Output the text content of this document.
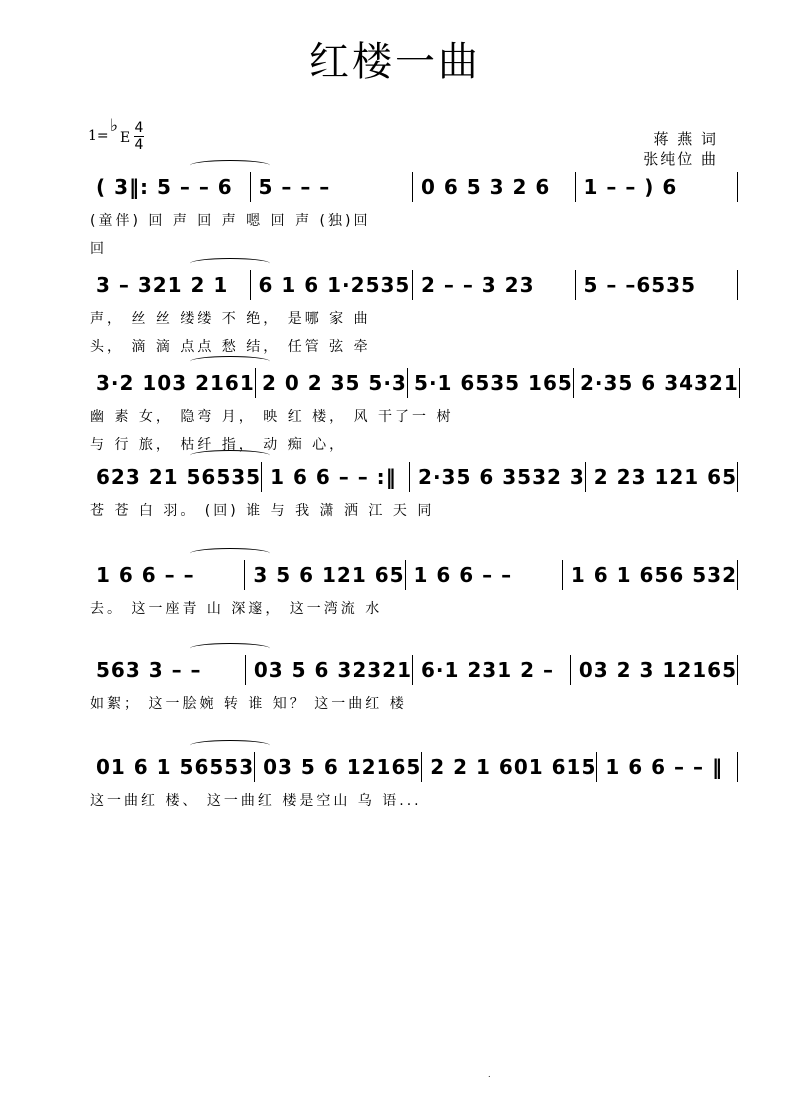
红楼一曲
1= ♭
E
4
4	蒋 燕 词
张纯位 曲
( 3‖: 5 – – 6	5 – – –	0 6 5 3 2 6	1 – – ) 6
(童伴) 回 声 回 声 嗯 回 声 (独)回
回
3 – 321 2 1	6 1 6 1·2535 2 – – 3 23	5 – –6535
声， 丝 丝 缕缕 不 绝， 是哪 家 曲
头， 滴 滴 点点 愁 结， 任管 弦 牵
3·2 103 2161 2 0 2 35 5·3 5·1 6535 165 2·35 6 34321
幽 素 女， 隐弯 月， 映 红 楼， 风 干了一 树
与 行 旅， 枯纤 指， 动 痴 心，
623 21 56535 1 6 6 – – :‖	2·35 6 3532 3 2 23 121 65
苍 苍 白 羽。 (回) 谁 与 我 潇 洒 江 天 同
1 6 6 – –	3 5 6 121 65 1 6 6 – –	1 6 1 656 532
去。 这一座青 山 深邃， 这一湾流 水
563 3 – –	03 5 6 32321 6·1 231 2 –	03 2 3 12165
如絮； 这一脍婉 转 谁 知？ 这一曲红 楼
01 6 1 56553 03 5 6 12165 2 2 1 601 615 1 6 6 – – ‖
这一曲红 楼、 这一曲红 楼是空山 乌 语...
.
